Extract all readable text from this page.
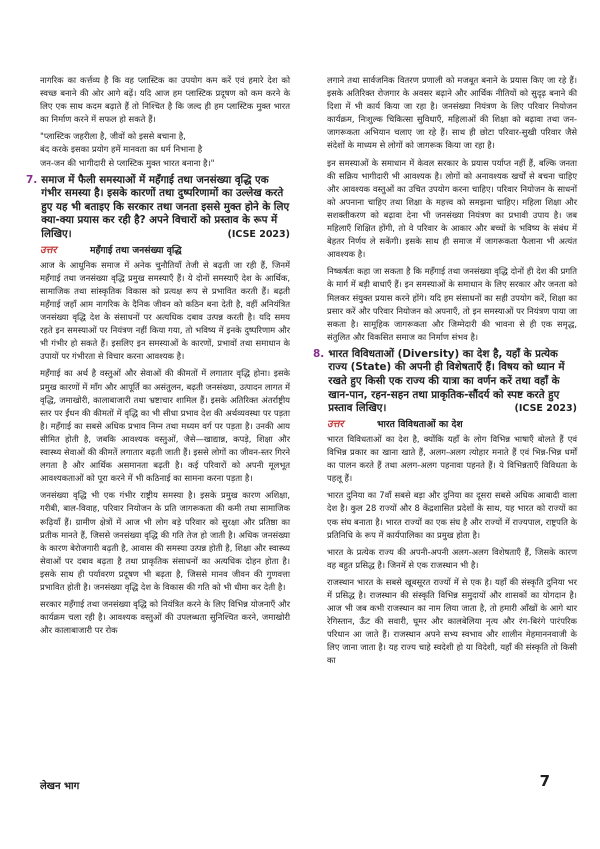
नागरिक का कर्त्तव्य है कि वह प्लास्टिक का उपयोग कम करें एवं हमारे देश को स्वच्छ बनाने की ओर आगे बढ़ें। यदि आज हम प्लास्टिक प्रदूषण को कम करने के लिए एक साथ कदम बढ़ाते हैं तो निश्चित है कि जल्द ही हम प्लास्टिक मुक्त भारत का निर्माण करने में सफल हो सकते हैं।

"प्लास्टिक जहरीला है, जीवों को इससे बचाना है,
बंद करके इसका प्रयोग हमें मानवता का धर्म निभाना है
जन-जन की भागीदारी से प्लास्टिक मुक्त भारत बनाना है।"
7. समाज में फैली समस्याओं में महँगाई तथा जनसंख्या वृद्धि एक गंभीर समस्या है। इसके कारणों तथा दुष्परिणामों का उल्लेख करते हुए यह भी बताइए कि सरकार तथा जनता इससे मुक्त होने के लिए क्या-क्या प्रयास कर रही है? अपने विचारों को प्रस्ताव के रूप में लिखिए।	(ICSE 2023)
उत्तर	महँगाई तथा जनसंख्या वृद्धि

आज के आधुनिक समाज में अनेक चुनौतियाँ तेजी से बढ़ती जा रही हैं, जिनमें महँगाई तथा जनसंख्या वृद्धि प्रमुख समस्याएँ हैं। ये दोनों समस्याएँ देश के आर्थिक, सामाजिक तथा सांस्कृतिक विकास को प्रत्यक्ष रूप से प्रभावित करती हैं। बढ़ती महँगाई जहाँ आम नागरिक के दैनिक जीवन को कठिन बना देती है, वहीं अनियंत्रित जनसंख्या वृद्धि देश के संसाधनों पर अत्यधिक दबाव उत्पन्न करती है। यदि समय रहते इन समस्याओं पर नियंत्रण नहीं किया गया, तो भविष्य में इनके दुष्परिणाम और भी गंभीर हो सकते हैं। इसलिए इन समस्याओं के कारणों, प्रभावों तथा समाधान के उपायों पर गंभीरता से विचार करना आवश्यक है।

महँगाई का अर्थ है वस्तुओं और सेवाओं की कीमतों में लगातार वृद्धि होना। इसके प्रमुख कारणों में माँग और आपूर्ति का असंतुलन, बढ़ती जनसंख्या, उत्पादन लागत में वृद्धि, जमाखोरी, कालाबाजारी तथा भ्रष्टाचार शामिल हैं। इसके अतिरिक्त अंतर्राष्ट्रीय स्तर पर ईंधन की कीमतों में वृद्धि का भी सीधा प्रभाव देश की अर्थव्यवस्था पर पड़ता है। महँगाई का सबसे अधिक प्रभाव निम्न तथा मध्यम वर्ग पर पड़ता है। उनकी आय सीमित होती है, जबकि आवश्यक वस्तुओं, जैसे—खाद्यान्न, कपड़े, शिक्षा और स्वास्थ्य सेवाओं की कीमतें लगातार बढ़ती जाती हैं। इससे लोगों का जीवन-स्तर गिरने लगता है और आर्थिक असमानता बढ़ती है। कई परिवारों को अपनी मूलभूत आवश्यकताओं को पूरा करने में भी कठिनाई का सामना करना पड़ता है।

जनसंख्या वृद्धि भी एक गंभीर राष्ट्रीय समस्या है। इसके प्रमुख कारण अशिक्षा, गरीबी, बाल-विवाह, परिवार नियोजन के प्रति जागरूकता की कमी तथा सामाजिक रूढ़ियाँ हैं। ग्रामीण क्षेत्रों में आज भी लोग बड़े परिवार को सुरक्षा और प्रतिष्ठा का प्रतीक मानते हैं, जिससे जनसंख्या वृद्धि की गति तेज हो जाती है। अधिक जनसंख्या के कारण बेरोजगारी बढ़ती है, आवास की समस्या उत्पन्न होती है, शिक्षा और स्वास्थ्य सेवाओं पर दबाव बढ़ता है तथा प्राकृतिक संसाधनों का अत्यधिक दोहन होता है। इसके साथ ही पर्यावरण प्रदूषण भी बढ़ता है, जिससे मानव जीवन की गुणवत्ता प्रभावित होती है। जनसंख्या वृद्धि देश के विकास की गति को भी धीमा कर देती है।

सरकार महँगाई तथा जनसंख्या वृद्धि को नियंत्रित करने के लिए विभिन्न योजनाएँ और कार्यक्रम चला रही है। आवश्यक वस्तुओं की उपलब्धता सुनिश्चित करने, जमाखोरी और कालाबाजारी पर रोक

लगाने तथा सार्वजनिक वितरण प्रणाली को मजबूत बनाने के प्रयास किए जा रहे हैं। इसके अतिरिक्त रोजगार के अवसर बढ़ाने और आर्थिक नीतियों को सुदृढ़ बनाने की दिशा में भी कार्य किया जा रहा है। जनसंख्या नियंत्रण के लिए परिवार नियोजन कार्यक्रम, निःशुल्क चिकित्सा सुविधाएँ, महिलाओं की शिक्षा को बढ़ावा तथा जन-जागरूकता अभियान चलाए जा रहे हैं। साथ ही छोटा परिवार-सुखी परिवार जैसे संदेशों के माध्यम से लोगों को जागरूक किया जा रहा है।

इन समस्याओं के समाधान में केवल सरकार के प्रयास पर्याप्त नहीं हैं, बल्कि जनता की सक्रिय भागीदारी भी आवश्यक है। लोगों को अनावश्यक खर्चों से बचना चाहिए और आवश्यक वस्तुओं का उचित उपयोग करना चाहिए। परिवार नियोजन के साधनों को अपनाना चाहिए तथा शिक्षा के महत्त्व को समझना चाहिए। महिला शिक्षा और सशक्तीकरण को बढ़ावा देना भी जनसंख्या नियंत्रण का प्रभावी उपाय है। जब महिलाएँ शिक्षित होंगी, तो वे परिवार के आकार और बच्चों के भविष्य के संबंध में बेहतर निर्णय ले सकेंगी। इसके साथ ही समाज में जागरूकता फैलाना भी अत्यंत आवश्यक है।

निष्कर्षतः कहा जा सकता है कि महँगाई तथा जनसंख्या वृद्धि दोनों ही देश की प्रगति के मार्ग में बड़ी बाधाएँ हैं। इन समस्याओं के समाधान के लिए सरकार और जनता को मिलकर संयुक्त प्रयास करने होंगे। यदि हम संसाधनों का सही उपयोग करें, शिक्षा का प्रसार करें और परिवार नियोजन को अपनाएँ, तो इन समस्याओं पर नियंत्रण पाया जा सकता है। सामूहिक जागरूकता और जिम्मेदारी की भावना से ही एक समृद्ध, संतुलित और विकसित समाज का निर्माण संभव है।

8. भारत विविधताओं (Diversity) का देश है, यहाँ के प्रत्येक राज्य (State) की अपनी ही विशेषताएँ हैं। विषय को ध्यान में रखते हुए किसी एक राज्य की यात्रा का वर्णन करें तथा वहाँ के खान-पान, रहन-सहन तथा प्राकृतिक-सौंदर्य को स्पष्ट करते हुए प्रस्ताव लिखिए।	(ICSE 2023)
उत्तर	भारत विविधताओं का देश

भारत विविधताओं का देश है, क्योंकि यहाँ के लोग विभिन्न भाषाएँ बोलते हैं एवं विभिन्न प्रकार का खाना खाते हैं, अलग-अलग त्योहार मनाते हैं एवं भिन्न-भिन्न धर्मों का पालन करते हैं तथा अलग-अलग पहनावा पहनते हैं। ये विभिन्नताएँ विविधता के पहलू हैं।

भारत दुनिया का 7वाँ सबसे बड़ा और दुनिया का दूसरा सबसे अधिक आबादी वाला देश है। कुल 28 राज्यों और 8 केंद्रशासित प्रदेशों के साथ, यह भारत को राज्यों का एक संघ बनाता है। भारत राज्यों का एक संघ है और राज्यों में राज्यपाल, राष्ट्रपति के प्रतिनिधि के रूप में कार्यपालिका का प्रमुख होता है।

भारत के प्रत्येक राज्य की अपनी-अपनी अलग-अलग विशेषताएँ हैं, जिसके कारण वह बहुत प्रसिद्ध है। जिनमें से एक राजस्थान भी है।

राजस्थान भारत के सबसे खूबसूरत राज्यों में से एक है। यहाँ की संस्कृति दुनिया भर में प्रसिद्ध है। राजस्थान की संस्कृति विभिन्न समुदायों और शासकों का योगदान है। आज भी जब कभी राजस्थान का नाम लिया जाता है, तो हमारी आँखों के आगे थार रेगिस्तान, ऊँट की सवारी, घूमर और कालबेलिया नृत्य और रंग-बिरंगे पारंपरिक परिधान आ जाते हैं। राजस्थान अपने सभ्य स्वभाव और शालीन मेहमाननवाजी के लिए जाना जाता है। यह राज्य चाहे स्वदेशी हो या विदेशी, यहाँ की संस्कृति तो किसी का

लेखन भाग	7
